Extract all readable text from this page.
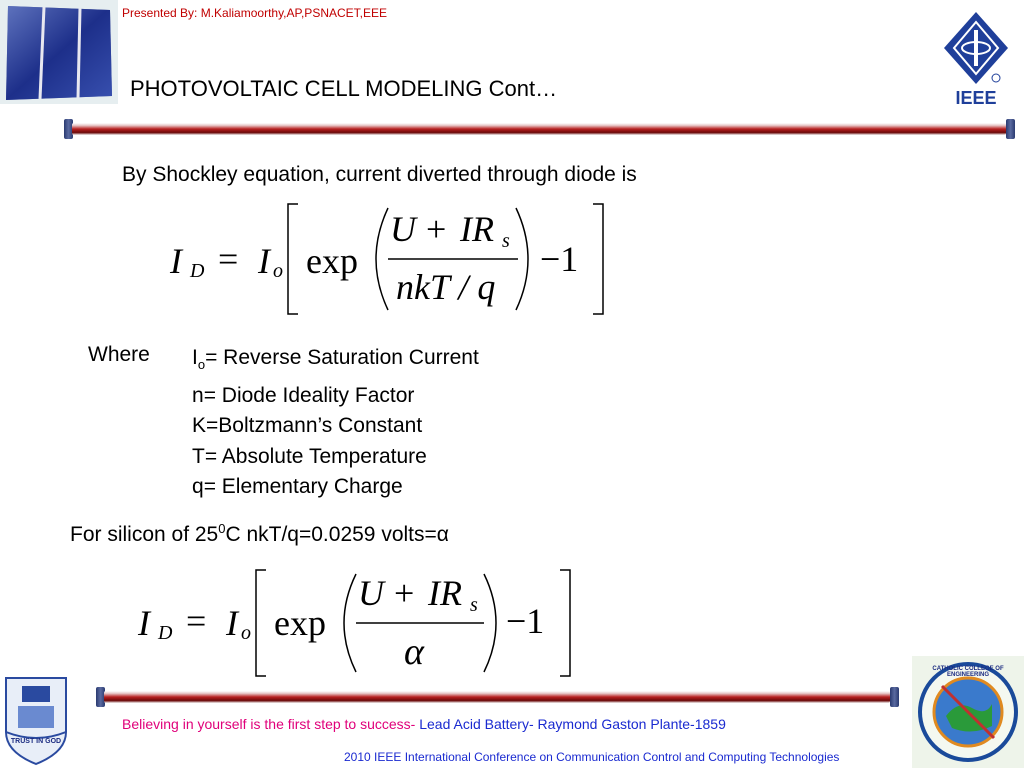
Presented By: M.Kaliamoorthy,AP,PSNACET,EEE
PHOTOVOLTAIC CELL MODELING Cont…	IEEE
By Shockley equation, current diverted through diode is
I D = I o exp
U + IR s
nkT / q
−1
Where $I_o=$ Reverse Saturation Current
n= Diode Ideality Factor
K=Boltzmann’s Constant
T= Absolute Temperature
q= Elementary Charge
For silicon of $25^0C$ nkT/q=0.0259 volts=α
I D = I o exp
U + IR s
α
−1
TRUST IN GOD
CATHOLIC COLLEGE OF ENGINEERING
Believing in yourself is the first step to success- Lead Acid Battery- Raymond Gaston Plante-1859
2010 IEEE International Conference on Communication Control and Computing Technologies
